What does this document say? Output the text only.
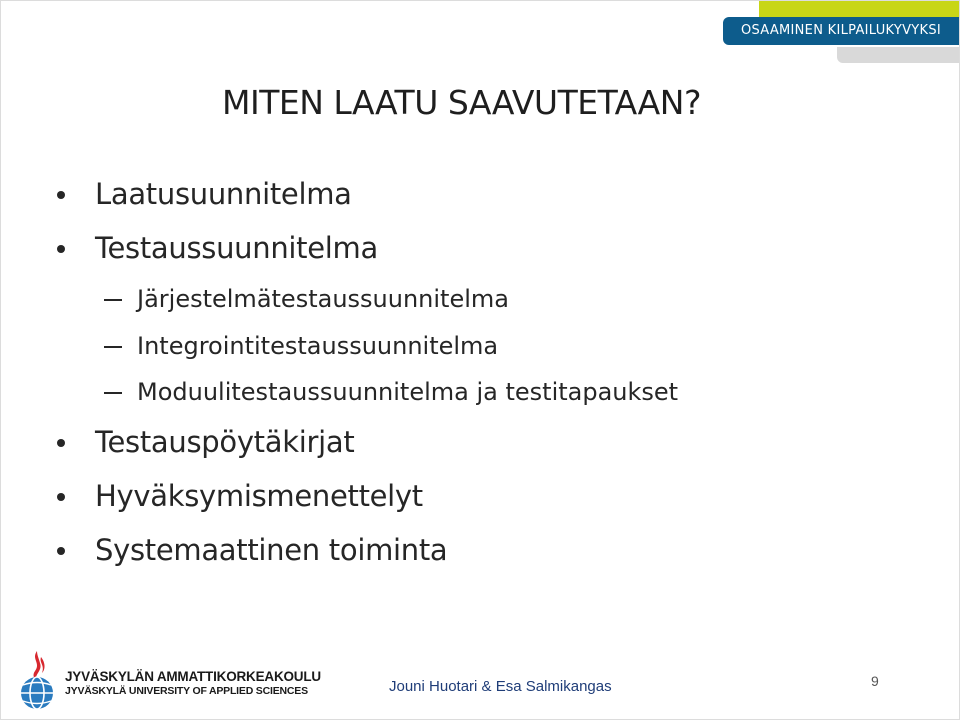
OSAAMINEN KILPAILUKYVYKSI
MITEN LAATU SAAVUTETAAN?
Laatusuunnitelma
Testaussuunnitelma
Järjestelmätestaussuunnitelma
Integrointitestaussuunnitelma
Moduulitestaussuunnitelma ja testitapaukset
Testauspöytäkirjat
Hyväksymismenettelyt
Systemaattinen toiminta
JYVÄSKYLÄN AMMATTIKORKEAKOULU
JYVÄSKYLÄ UNIVERSITY OF APPLIED SCIENCES	Jouni Huotari & Esa Salmikangas	9
